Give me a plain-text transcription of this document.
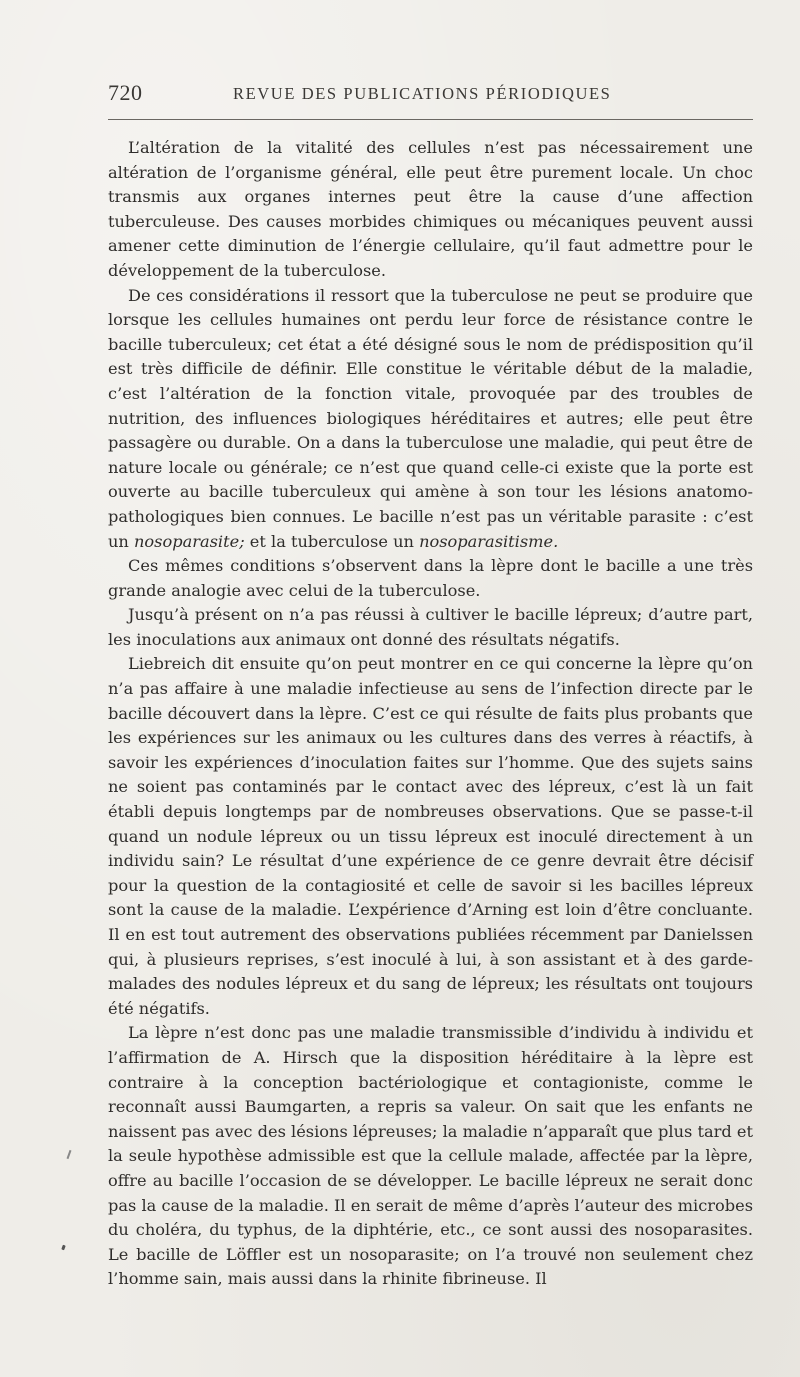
720	REVUE DES PUBLICATIONS PÉRIODIQUES

L’altération de la vitalité des cellules n’est pas nécessairement une altération de l’organisme général, elle peut être purement locale. Un choc transmis aux organes internes peut être la cause d’une affection tuberculeuse. Des causes morbides chimiques ou mécaniques peuvent aussi amener cette diminution de l’énergie cellulaire, qu’il faut admettre pour le développement de la tuberculose.

De ces considérations il ressort que la tuberculose ne peut se produire que lorsque les cellules humaines ont perdu leur force de résistance contre le bacille tuberculeux; cet état a été désigné sous le nom de prédisposition qu’il est très difficile de définir. Elle constitue le véritable début de la maladie, c’est l’altération de la fonction vitale, provoquée par des troubles de nutrition, des influences biologiques héréditaires et autres; elle peut être passagère ou durable. On a dans la tuberculose une maladie, qui peut être de nature locale ou générale; ce n’est que quand celle-ci existe que la porte est ouverte au bacille tuberculeux qui amène à son tour les lésions anatomo-pathologiques bien connues. Le bacille n’est pas un véritable parasite : c’est un nosoparasite; et la tuberculose un nosoparasitisme.

Ces mêmes conditions s’observent dans la lèpre dont le bacille a une très grande analogie avec celui de la tuberculose.

Jusqu’à présent on n’a pas réussi à cultiver le bacille lépreux; d’autre part, les inoculations aux animaux ont donné des résultats négatifs.

Liebreich dit ensuite qu’on peut montrer en ce qui concerne la lèpre qu’on n’a pas affaire à une maladie infectieuse au sens de l’infection directe par le bacille découvert dans la lèpre. C’est ce qui résulte de faits plus probants que les expériences sur les animaux ou les cultures dans des verres à réactifs, à savoir les expériences d’inoculation faites sur l’homme. Que des sujets sains ne soient pas contaminés par le contact avec des lépreux, c’est là un fait établi depuis longtemps par de nombreuses observations. Que se passe-t-il quand un nodule lépreux ou un tissu lépreux est inoculé directement à un individu sain? Le résultat d’une expérience de ce genre devrait être décisif pour la question de la contagiosité et celle de savoir si les bacilles lépreux sont la cause de la maladie. L’expérience d’Arning est loin d’être concluante. Il en est tout autrement des observations publiées récemment par Danielssen qui, à plusieurs reprises, s’est inoculé à lui, à son assistant et à des garde-malades des nodules lépreux et du sang de lépreux; les résultats ont toujours été négatifs.

La lèpre n’est donc pas une maladie transmissible d’individu à individu et l’affirmation de A. Hirsch que la disposition héréditaire à la lèpre est contraire à la conception bactériologique et contagioniste, comme le reconnaît aussi Baumgarten, a repris sa valeur. On sait que les enfants ne naissent pas avec des lésions lépreuses; la maladie n’apparaît que plus tard et la seule hypothèse admissible est que la cellule malade, affectée par la lèpre, offre au bacille l’occasion de se développer. Le bacille lépreux ne serait donc pas la cause de la maladie. Il en serait de même d’après l’auteur des microbes du choléra, du typhus, de la diphtérie, etc., ce sont aussi des nosoparasites. Le bacille de Löffler est un nosoparasite; on l’a trouvé non seulement chez l’homme sain, mais aussi dans la rhinite fibrineuse. Il
